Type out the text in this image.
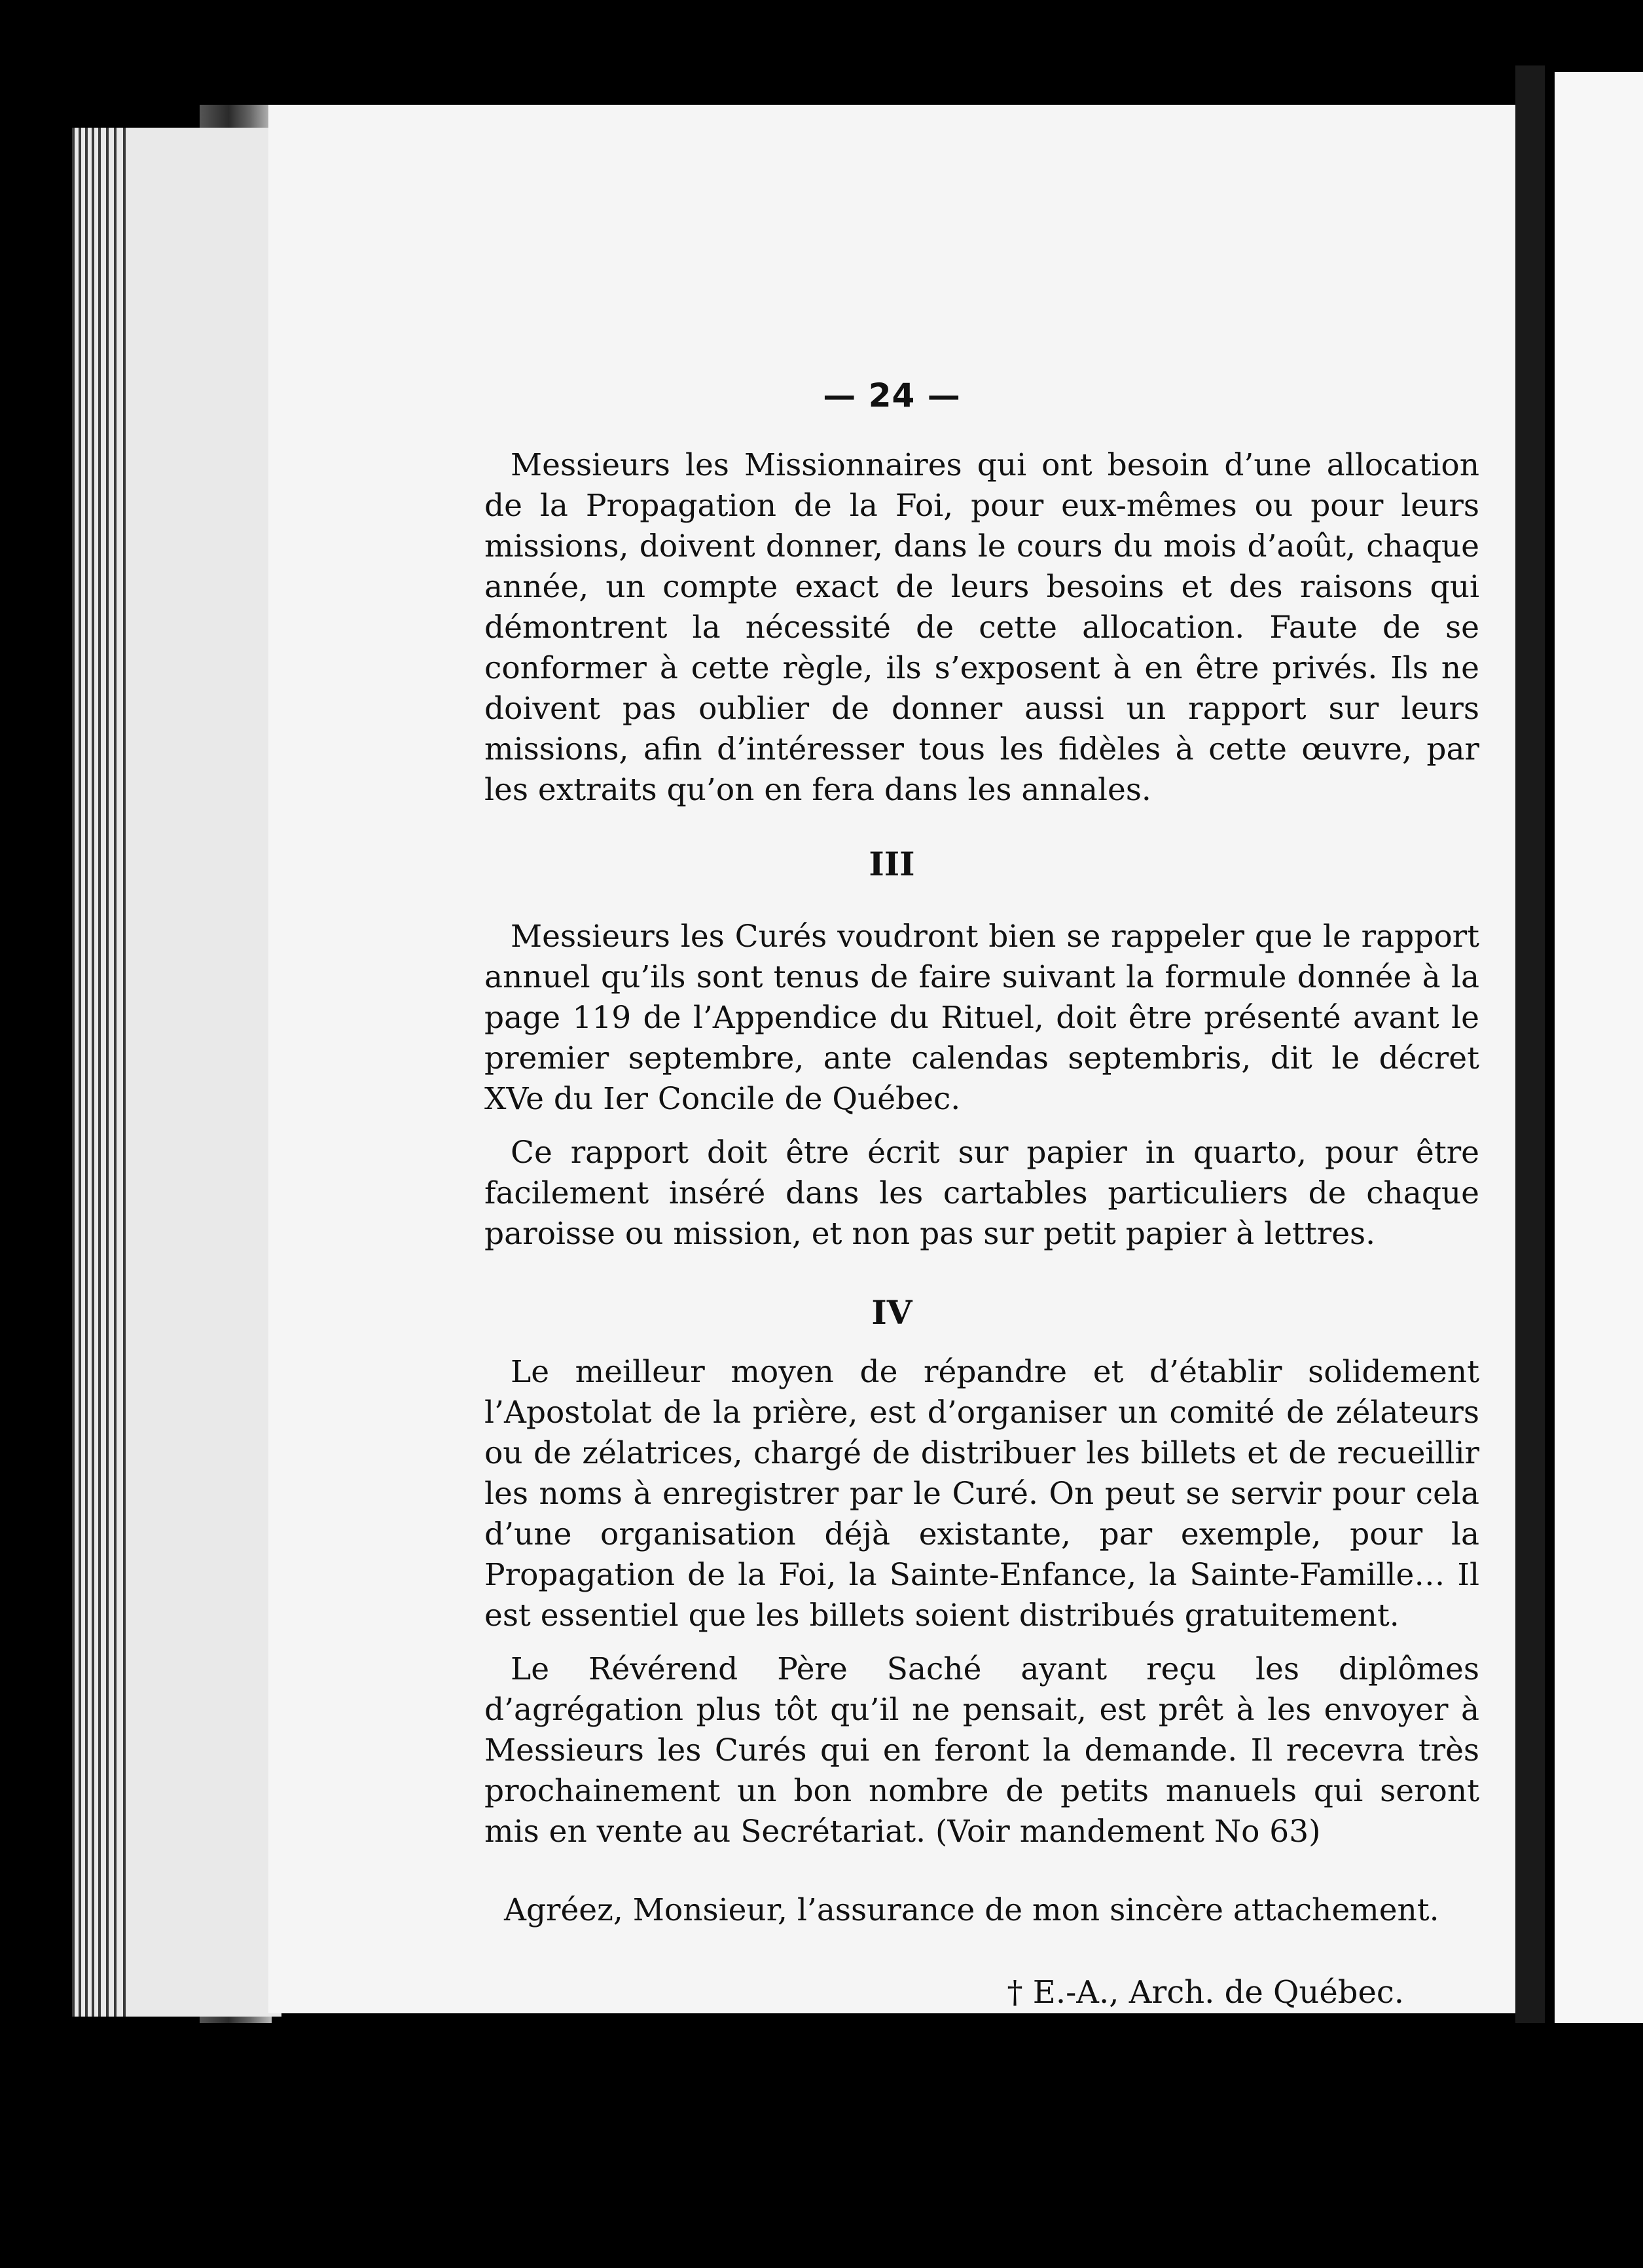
— 24 —

Messieurs les Missionnaires qui ont besoin d’une allocation de la Propagation de la Foi, pour eux-mêmes ou pour leurs missions, doivent donner, dans le cours du mois d’août, chaque année, un compte exact de leurs besoins et des raisons qui démontrent la nécessité de cette allocation. Faute de se conformer à cette règle, ils s’exposent à en être privés. Ils ne doivent pas oublier de donner aussi un rapport sur leurs missions, afin d’intéresser tous les fidèles à cette œuvre, par les extraits qu’on en fera dans les annales.

III

Messieurs les Curés voudront bien se rappeler que le rapport annuel qu’ils sont tenus de faire suivant la formule donnée à la page 119 de l’Appendice du Rituel, doit être présenté avant le premier septembre, ante calendas septembris, dit le décret XVe du Ier Concile de Québec.

Ce rapport doit être écrit sur papier in quarto, pour être facilement inséré dans les cartables particuliers de chaque paroisse ou mission, et non pas sur petit papier à lettres.

IV

Le meilleur moyen de répandre et d’établir solidement l’Apostolat de la prière, est d’organiser un comité de zélateurs ou de zélatrices, chargé de distribuer les billets et de recueillir les noms à enregistrer par le Curé. On peut se servir pour cela d’une organisation déjà existante, par exemple, pour la Propagation de la Foi, la Sainte-Enfance, la Sainte-Famille… Il est essentiel que les billets soient distribués gratuitement.

Le Révérend Père Saché ayant reçu les diplômes d’agrégation plus tôt qu’il ne pensait, est prêt à les envoyer à Messieurs les Curés qui en feront la demande. Il recevra très prochainement un bon nombre de petits manuels qui seront mis en vente au Secrétariat. (Voir mandement No 63)

Agréez, Monsieur, l’assurance de mon sincère attachement.
† E.-A., Arch. de Québec.
